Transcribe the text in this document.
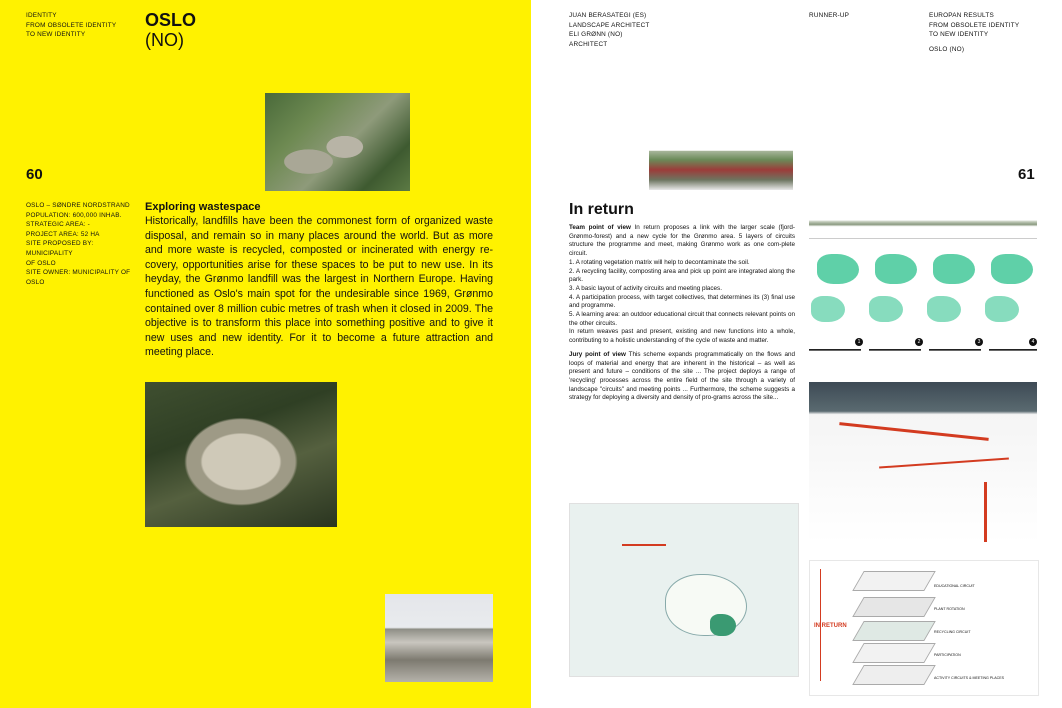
IDENTITY
FROM OBSOLETE IDENTITY
TO NEW IDENTITY
OSLO
(NO)
60
OSLO – SØNDRE NORDSTRAND
POPULATION: 600,000 INHAB.
STRATEGIC AREA: -
PROJECT AREA: 52 HA
SITE PROPOSED BY: MUNICIPALITY
OF OSLO
SITE OWNER: MUNICIPALITY OF OSLO
Exploring wastespace
Historically, landfills have been the commonest form of organized waste disposal, and remain so in many places around the world. But as more and more waste is recycled, composted or incinerated with energy re-covery, opportunities arise for these spaces to be put to new use. In its heyday, the Grønmo landfill was the largest in Northern Europe. Having functioned as Oslo's main spot for the undesirable since 1969, Grønmo contained over 8 million cubic metres of trash when it closed in 2009. The objective is to transform this place into something positive and to give it new uses and new identity. For it to become a future attraction and meeting place.
JUAN BERASATEGI (ES)
LANDSCAPE ARCHITECT
ELI GRØNN (NO)
ARCHITECT
RUNNER-UP	EUROPAN RESULTS
FROM OBSOLETE IDENTITY
TO NEW IDENTITY
OSLO (NO)
61
In return
Team point of view In return proposes a link with the larger scale (fjord-Grønmo-forest) and a new cycle for the Grønmo area. 5 layers of circuits structure the programme and meet, making Grønmo work as one com-plete circuit.
1. A rotating vegetation matrix will help to decontaminate the soil.
2. A recycling facility, composting area and pick up point are integrated along the park.
3. A basic layout of activity circuits and meeting places.
4. A participation process, with target collectives, that determines its (3) final use and programme.
5. A learning area: an outdoor educational circuit that connects relevant points on the other circuits.
In return weaves past and present, existing and new functions into a whole, contributing to a holistic understanding of the cycle of waste and matter.
Jury point of view This scheme expands programmatically on the flows and loops of material and energy that are inherent in the historical – as well as present and future – conditions of the site ... The project deploys a range of 'recycling' processes across the entire field of the site through a variety of landscape "circuits" and meeting points ... Furthermore, the scheme suggests a strategy for deploying a diversity and density of pro-grams across the site...
1	2	3	4
IN RETURN
EDUCATIONAL CIRCUIT
PLANT ROTATION
RECYCLING CIRCUIT
PARTICIPATION
ACTIVITY CIRCUITS & MEETING PLACES
